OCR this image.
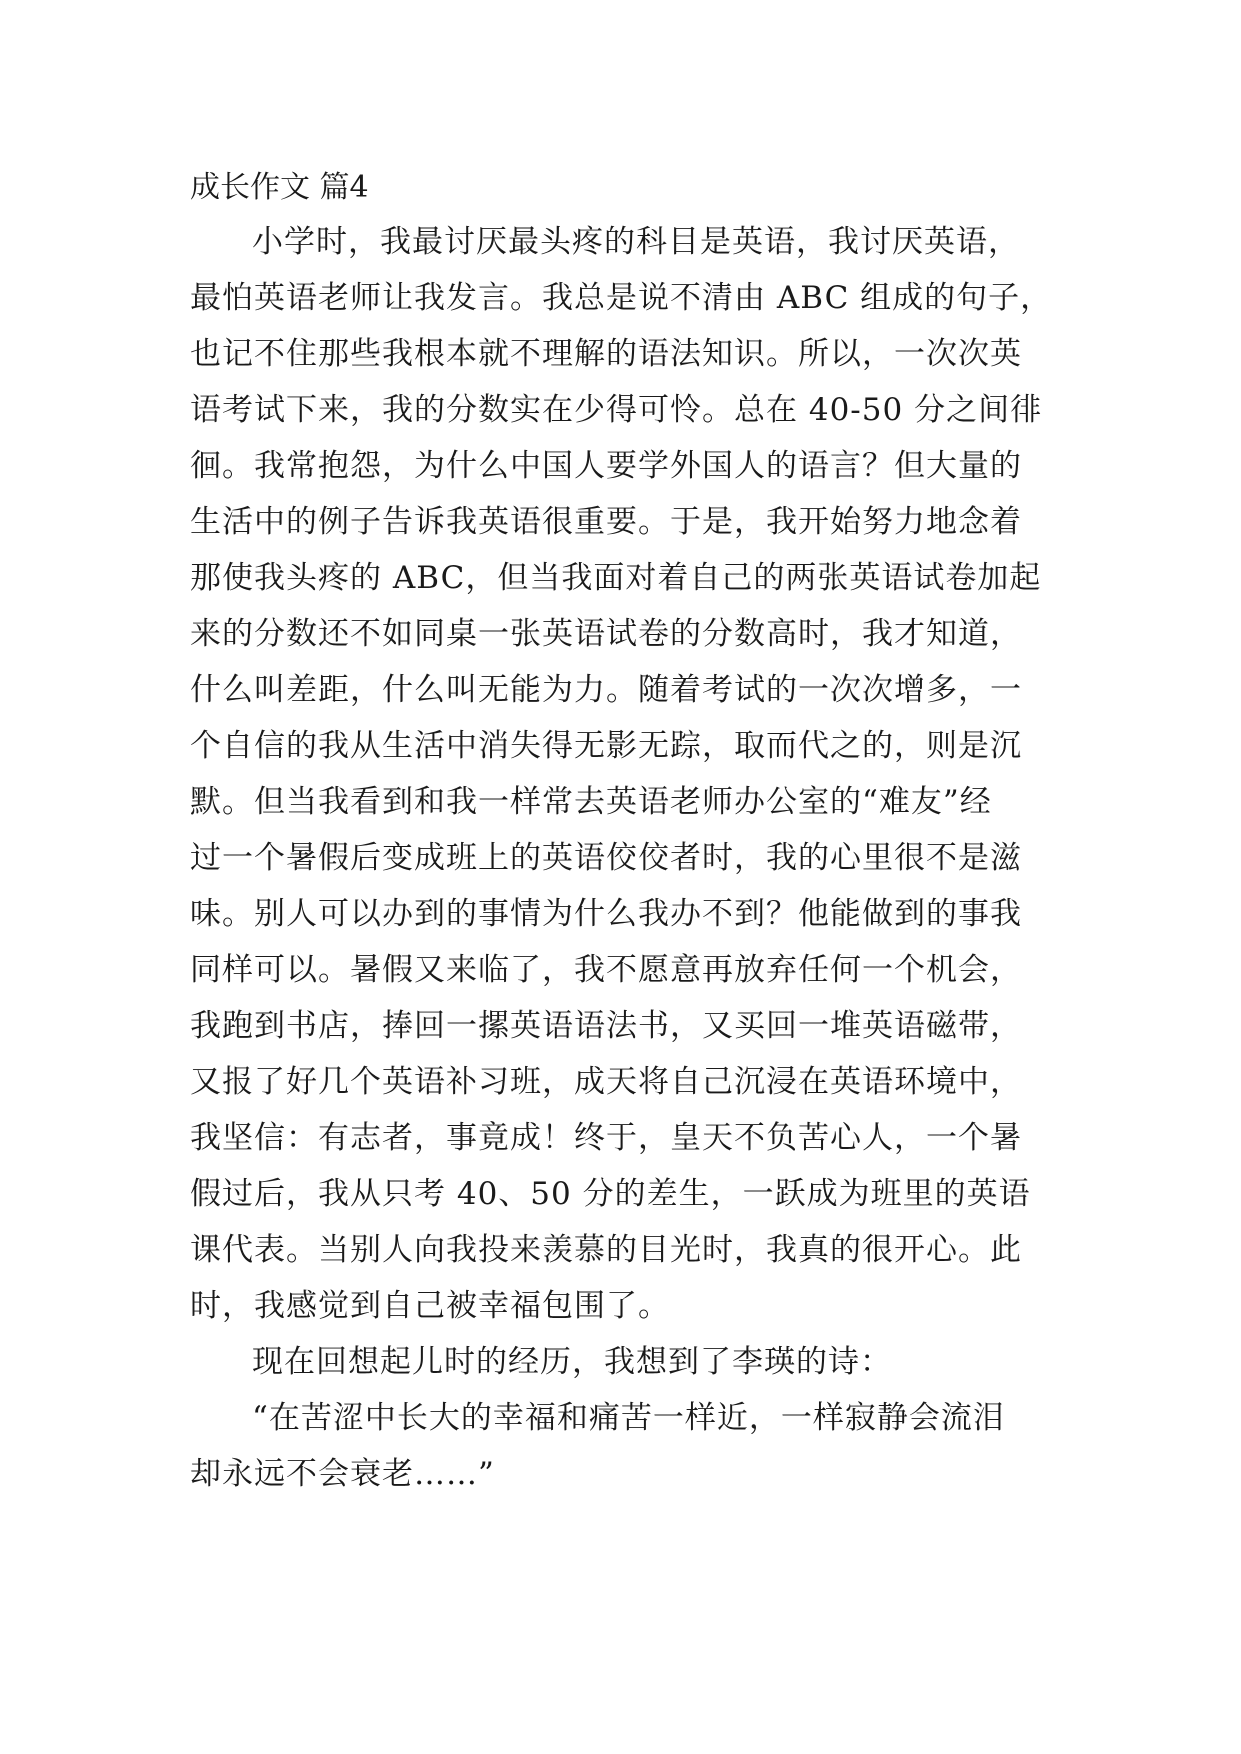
成长作文 篇4
小学时，我最讨厌最头疼的科目是英语，我讨厌英语，
最怕英语老师让我发言。我总是说不清由 ABC 组成的句子，
也记不住那些我根本就不理解的语法知识。所以，一次次英
语考试下来，我的分数实在少得可怜。总在 40-50 分之间徘
徊。我常抱怨，为什么中国人要学外国人的语言？但大量的
生活中的例子告诉我英语很重要。于是，我开始努力地念着
那使我头疼的 ABC，但当我面对着自己的两张英语试卷加起
来的分数还不如同桌一张英语试卷的分数高时，我才知道，
什么叫差距，什么叫无能为力。随着考试的一次次增多，一
个自信的我从生活中消失得无影无踪，取而代之的，则是沉
默。但当我看到和我一样常去英语老师办公室的“难友”经
过一个暑假后变成班上的英语佼佼者时，我的心里很不是滋
味。别人可以办到的事情为什么我办不到？他能做到的事我
同样可以。暑假又来临了，我不愿意再放弃任何一个机会，
我跑到书店，捧回一摞英语语法书，又买回一堆英语磁带，
又报了好几个英语补习班，成天将自己沉浸在英语环境中，
我坚信：有志者，事竟成！终于，皇天不负苦心人，一个暑
假过后，我从只考 40、50 分的差生，一跃成为班里的英语
课代表。当别人向我投来羡慕的目光时，我真的很开心。此
时，我感觉到自己被幸福包围了。
现在回想起儿时的经历，我想到了李瑛的诗：
“在苦涩中长大的幸福和痛苦一样近，一样寂静会流泪
却永远不会衰老……”
